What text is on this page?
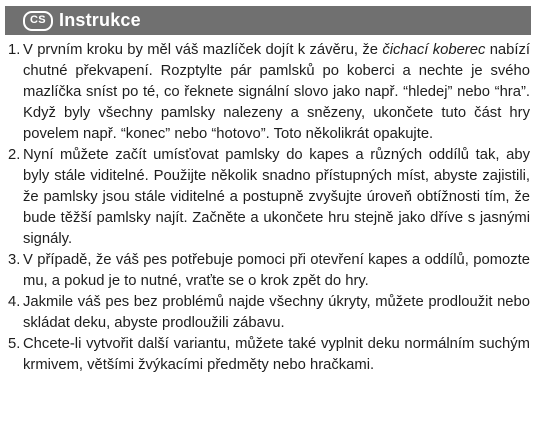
CS Instrukce
1. V prvním kroku by měl váš mazlíček dojít k závěru, že čichací koberec nabízí chutné překvapení. Rozptylte pár pamlsků po koberci a nechte je svého mazlíčka sníst po té, co řeknete signální slovo jako např. “hledej” nebo “hra”. Když byly všechny pamlsky nalezeny a snězeny, ukončete tuto část hry povelem např. “konec” nebo “hotovo”. Toto několikrát opakujte.

2. Nyní můžete začít umísťovat pamlsky do kapes a různých oddílů tak, aby byly stále viditelné. Použijte několik snadno přístupných míst, abyste zajistili, že pamlsky jsou stále viditelné a postupně zvyšujte úroveň obtížnosti tím, že bude těžší pamlsky najít. Začněte a ukončete hru stejně jako dříve s jasnými signály.

3. V případě, že váš pes potřebuje pomoci při otevření kapes a oddílů, pomozte mu, a pokud je to nutné, vraťte se o krok zpět do hry.

4. Jakmile váš pes bez problémů najde všechny úkryty, můžete prodloužit nebo skládat deku, abyste prodloužili zábavu.

5. Chcete-li vytvořit další variantu, můžete také vyplnit deku normálním suchým krmivem, většími žvýkacími předměty nebo hračkami.
